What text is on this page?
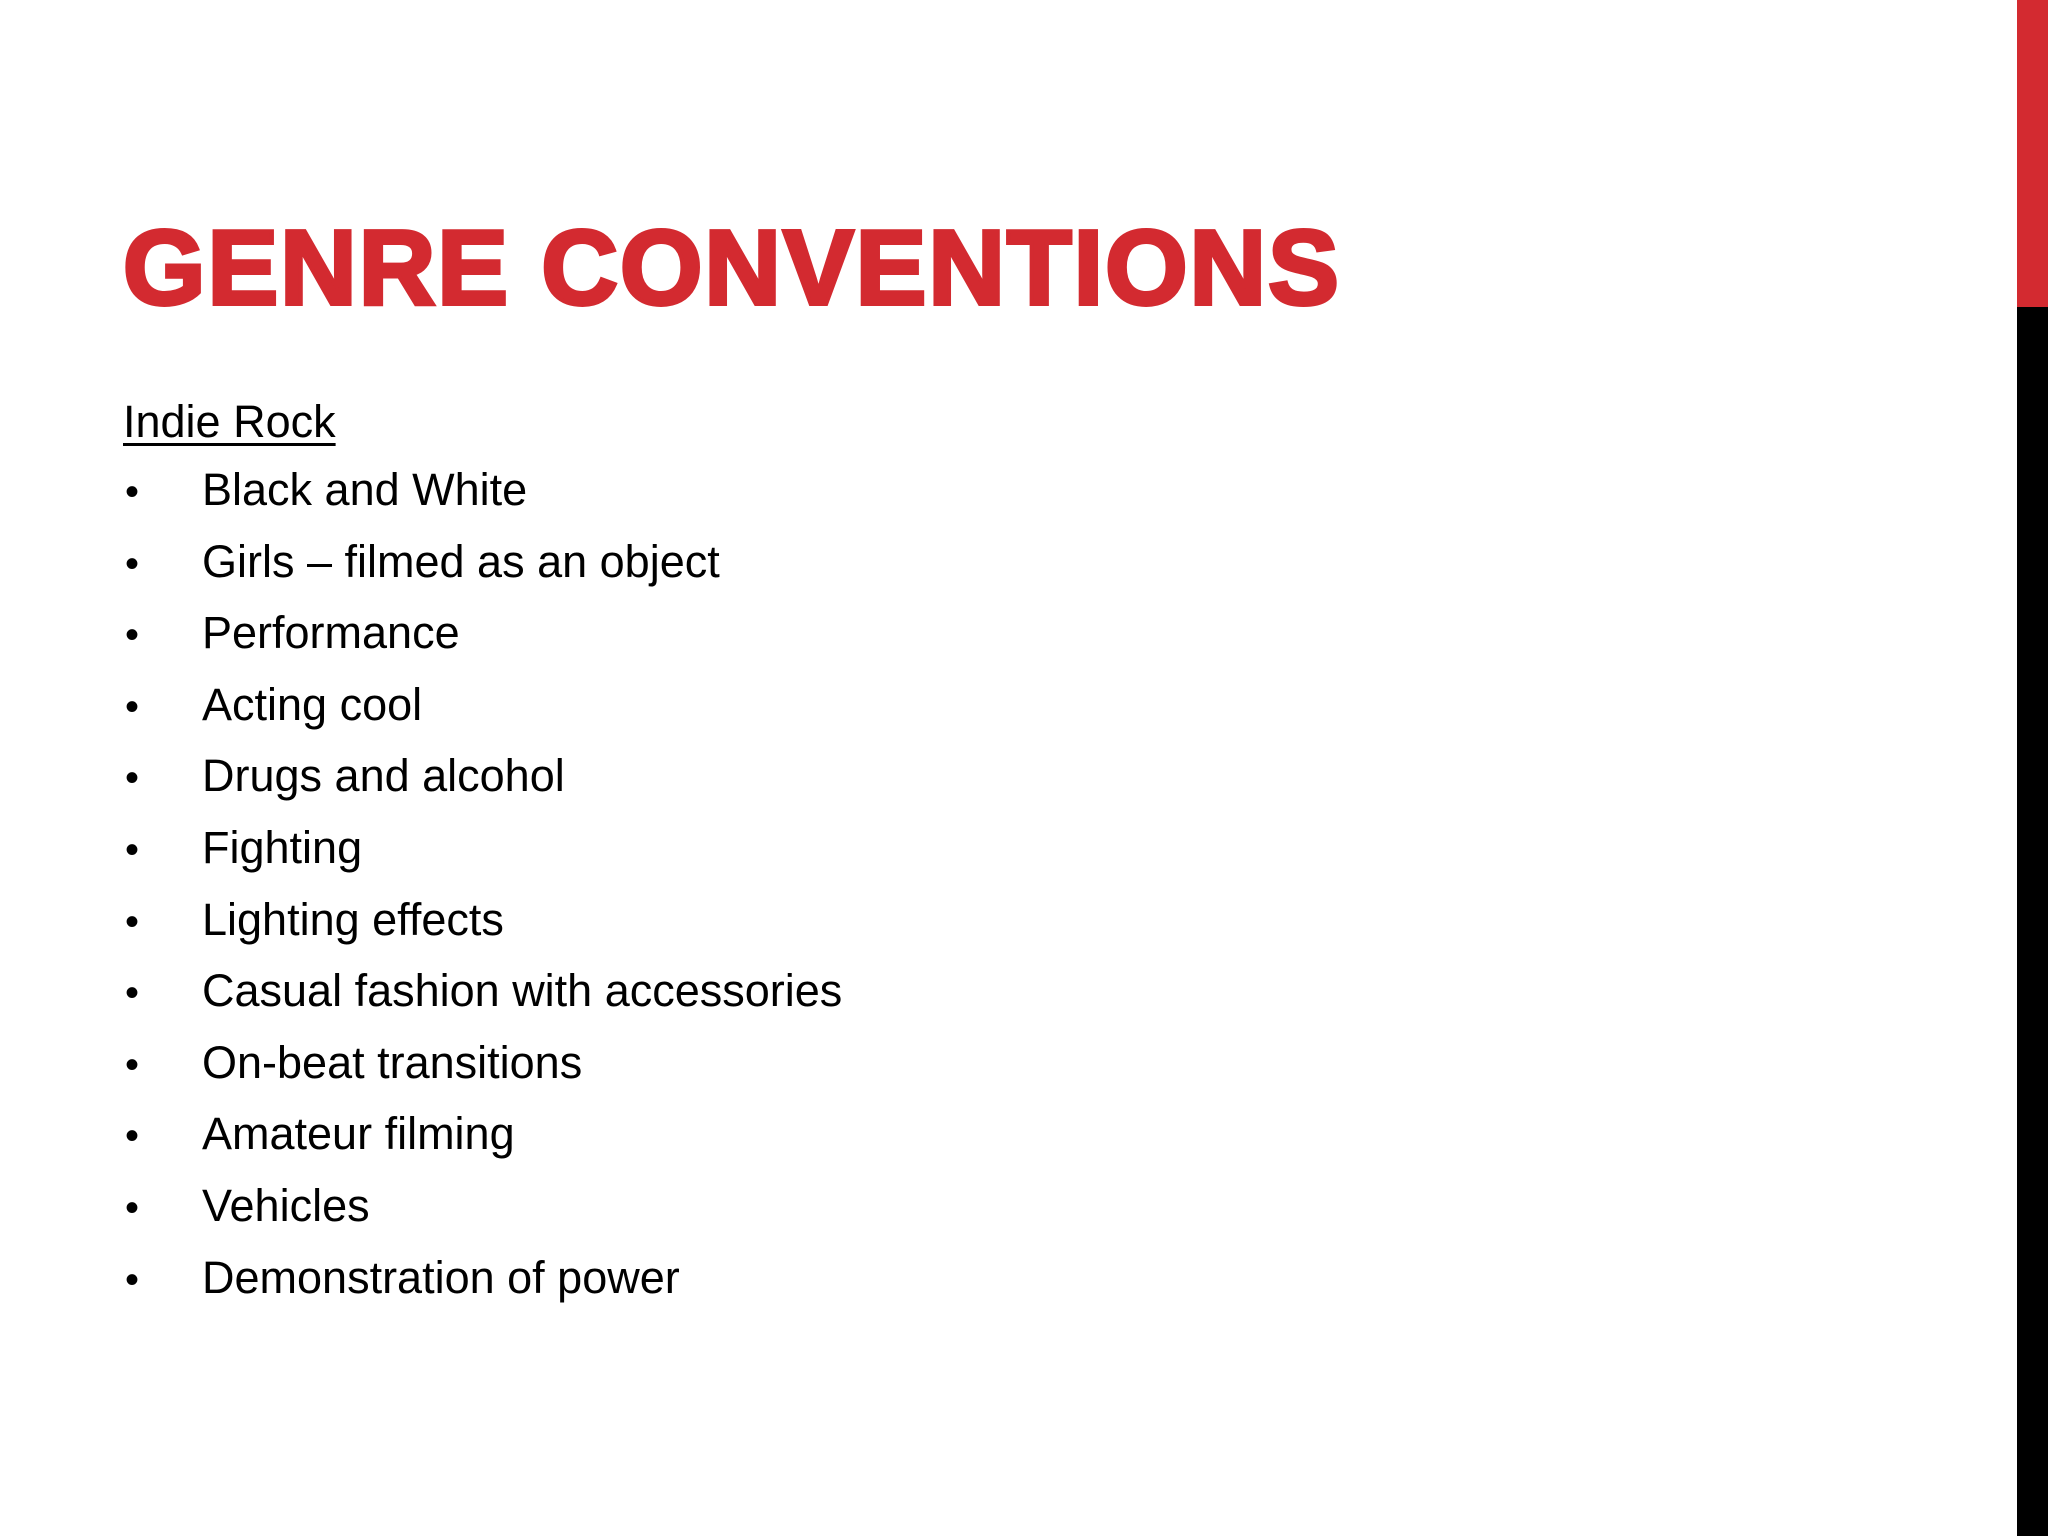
GENRE CONVENTIONS

Indie Rock

•	Black and White
•	Girls – filmed as an object
•	Performance
•	Acting cool
•	Drugs and alcohol
•	Fighting
•	Lighting effects
•	Casual fashion with accessories
•	On-beat transitions
•	Amateur filming
•	Vehicles
•	Demonstration of power
